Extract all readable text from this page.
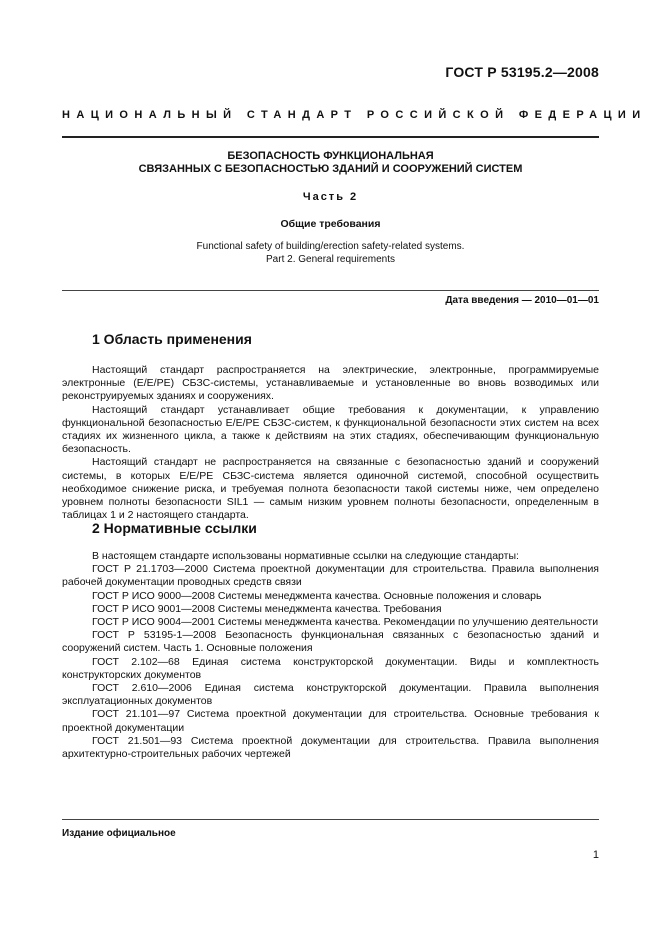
ГОСТ Р 53195.2—2008
НАЦИОНАЛЬНЫЙ СТАНДАРТ РОССИЙСКОЙ ФЕДЕРАЦИИ
БЕЗОПАСНОСТЬ ФУНКЦИОНАЛЬНАЯ
СВЯЗАННЫХ С БЕЗОПАСНОСТЬЮ ЗДАНИЙ И СООРУЖЕНИЙ СИСТЕМ
Часть 2
Общие требования
Functional safety of building/erection safety-related systems.
Part 2. General requirements
Дата введения — 2010—01—01
1 Область применения

Настоящий стандарт распространяется на электрические, электронные, программируемые электронные (Е/Е/РЕ) СБЗС-системы, устанавливаемые и установленные во вновь возводимых или реконструируемых зданиях и сооружениях.

Настоящий стандарт устанавливает общие требования к документации, к управлению функциональной безопасностью Е/Е/РЕ СБЗС-систем, к функциональной безопасности этих систем на всех стадиях их жизненного цикла, а также к действиям на этих стадиях, обеспечивающим функциональную безопасность.

Настоящий стандарт не распространяется на связанные с безопасностью зданий и сооружений системы, в которых Е/Е/РЕ СБЗС-система является одиночной системой, способной осуществить необходимое снижение риска, и требуемая полнота безопасности такой системы ниже, чем определено уровнем полноты безопасности SIL1 — самым низким уровнем полноты безопасности, определенным в таблицах 1 и 2 настоящего стандарта.

2 Нормативные ссылки

В настоящем стандарте использованы нормативные ссылки на следующие стандарты:

ГОСТ Р 21.1703—2000 Система проектной документации для строительства. Правила выполнения рабочей документации проводных средств связи

ГОСТ Р ИСО 9000—2008 Системы менеджмента качества. Основные положения и словарь

ГОСТ Р ИСО 9001—2008 Системы менеджмента качества. Требования

ГОСТ Р ИСО 9004—2001 Системы менеджмента качества. Рекомендации по улучшению деятельности

ГОСТ Р 53195-1—2008 Безопасность функциональная связанных с безопасностью зданий и сооружений систем. Часть 1. Основные положения

ГОСТ 2.102—68 Единая система конструкторской документации. Виды и комплектность конструкторских документов

ГОСТ 2.610—2006 Единая система конструкторской документации. Правила выполнения эксплуатационных документов

ГОСТ 21.101—97 Система проектной документации для строительства. Основные требования к проектной документации

ГОСТ 21.501—93 Система проектной документации для строительства. Правила выполнения архитектурно-строительных рабочих чертежей

Издание официальное
1
